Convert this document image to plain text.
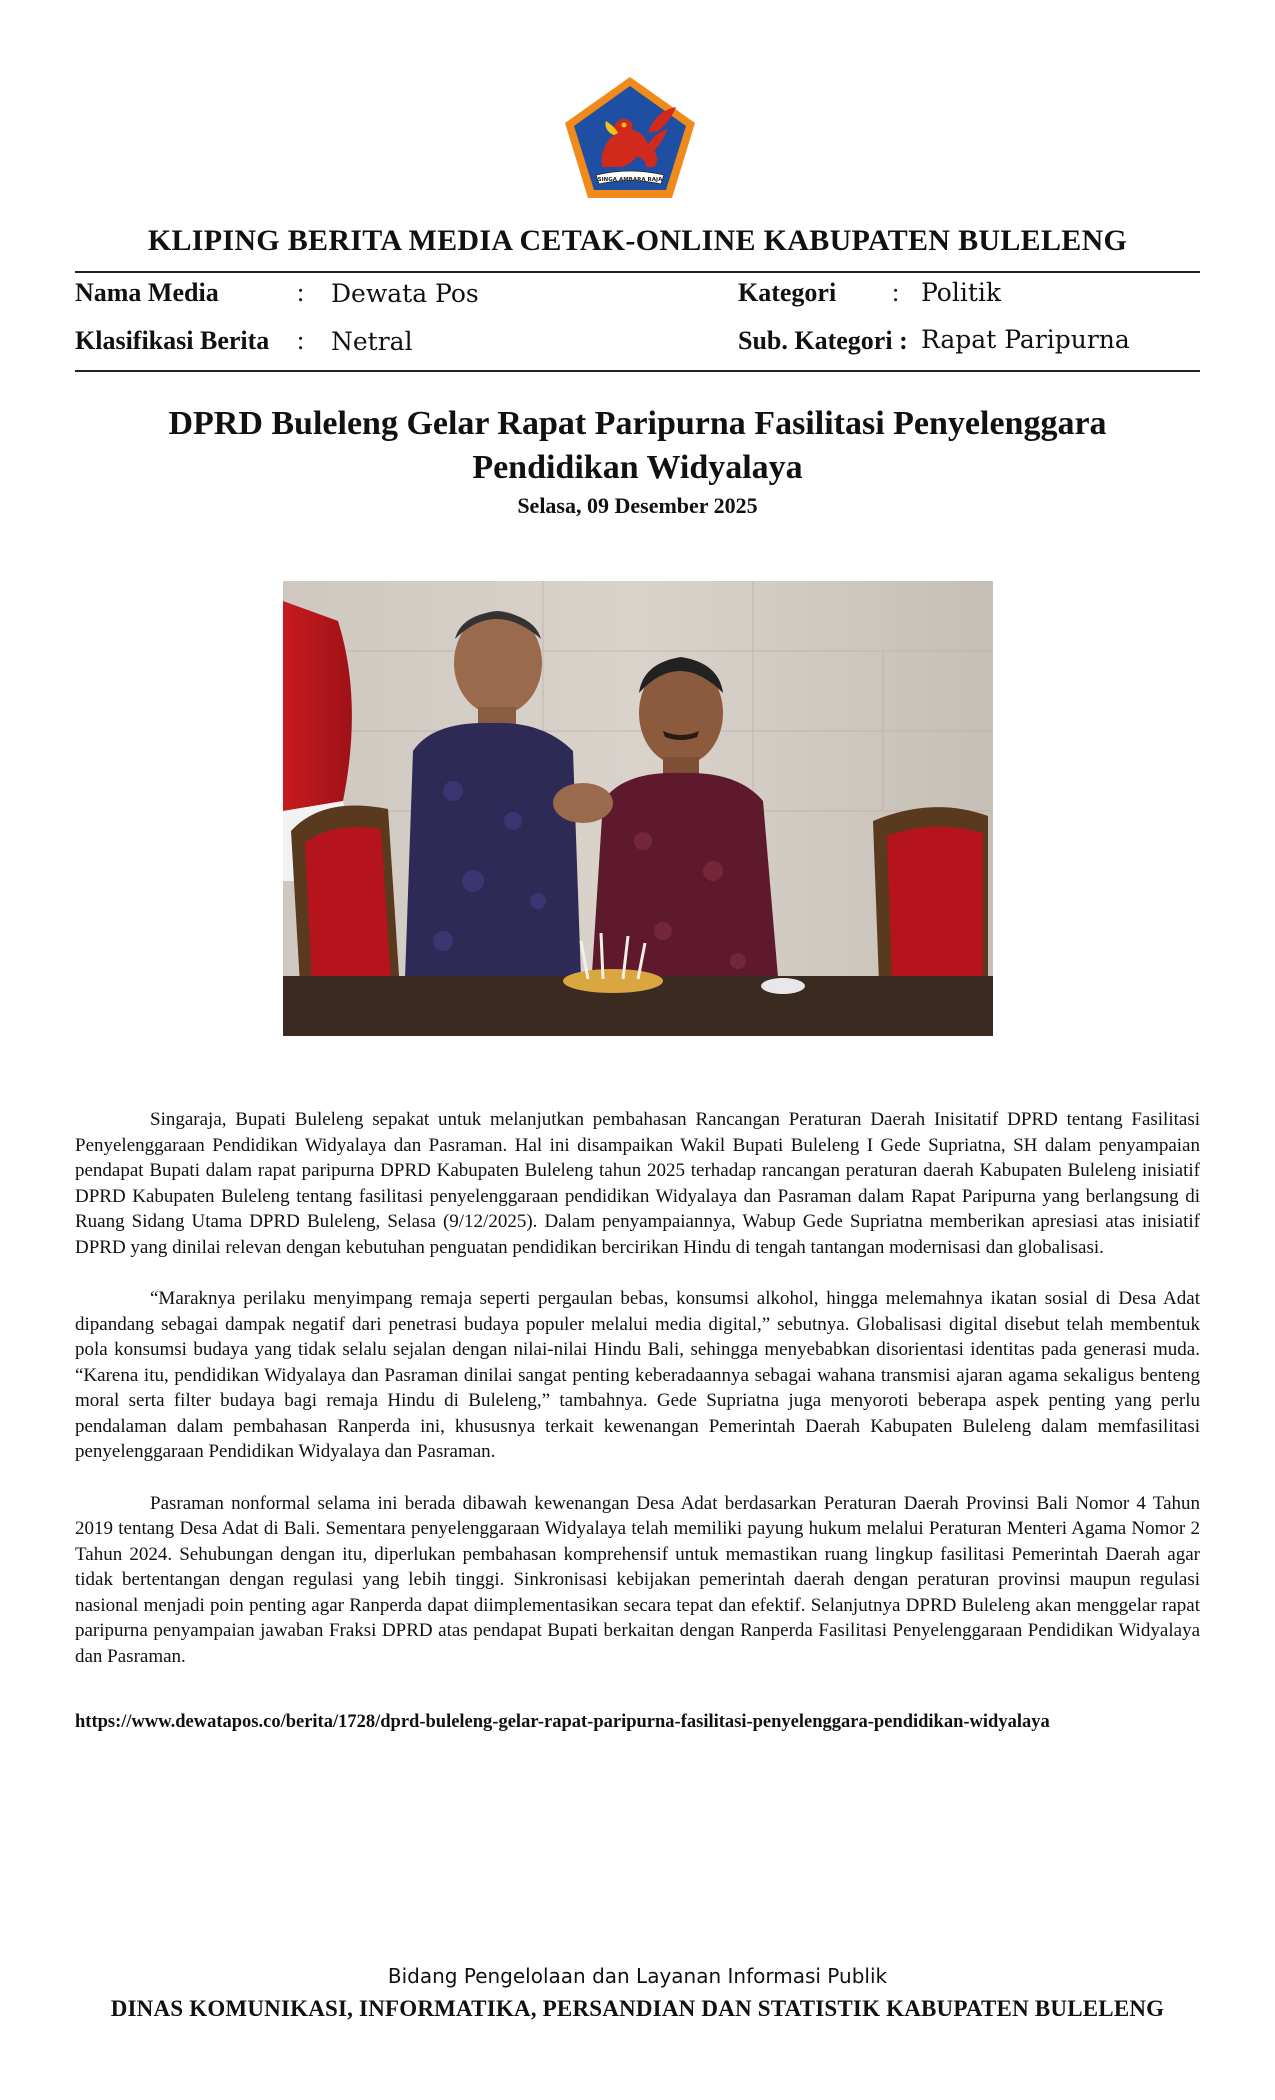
SINGA AMBARA RAJA
KLIPING BERITA MEDIA CETAK-ONLINE KABUPATEN BULELENG
Nama Media	: Dewata Pos
Klasifikasi Berita : Netral
Kategori : Politik
Sub. Kategori : Rapat Paripurna
DPRD Buleleng Gelar Rapat Paripurna Fasilitasi Penyelenggara Pendidikan Widyalaya
Selasa, 09 Desember 2025

Singaraja, Bupati Buleleng sepakat untuk melanjutkan pembahasan Rancangan Peraturan Daerah Inisitatif DPRD tentang Fasilitasi Penyelenggaraan Pendidikan Widyalaya dan Pasraman. Hal ini disampaikan Wakil Bupati Buleleng I Gede Supriatna, SH dalam penyampaian pendapat Bupati dalam rapat paripurna DPRD Kabupaten Buleleng tahun 2025 terhadap rancangan peraturan daerah Kabupaten Buleleng inisiatif DPRD Kabupaten Buleleng tentang fasilitasi penyelenggaraan pendidikan Widyalaya dan Pasraman dalam Rapat Paripurna yang berlangsung di Ruang Sidang Utama DPRD Buleleng, Selasa (9/12/2025). Dalam penyampaiannya, Wabup Gede Supriatna memberikan apresiasi atas inisiatif DPRD yang dinilai relevan dengan kebutuhan penguatan pendidikan bercirikan Hindu di tengah tantangan modernisasi dan globalisasi.

“Maraknya perilaku menyimpang remaja seperti pergaulan bebas, konsumsi alkohol, hingga melemahnya ikatan sosial di Desa Adat dipandang sebagai dampak negatif dari penetrasi budaya populer melalui media digital,” sebutnya. Globalisasi digital disebut telah membentuk pola konsumsi budaya yang tidak selalu sejalan dengan nilai-nilai Hindu Bali, sehingga menyebabkan disorientasi identitas pada generasi muda. “Karena itu, pendidikan Widyalaya dan Pasraman dinilai sangat penting keberadaannya sebagai wahana transmisi ajaran agama sekaligus benteng moral serta filter budaya bagi remaja Hindu di Buleleng,” tambahnya. Gede Supriatna juga menyoroti beberapa aspek penting yang perlu pendalaman dalam pembahasan Ranperda ini, khususnya terkait kewenangan Pemerintah Daerah Kabupaten Buleleng dalam memfasilitasi penyelenggaraan Pendidikan Widyalaya dan Pasraman.

Pasraman nonformal selama ini berada dibawah kewenangan Desa Adat berdasarkan Peraturan Daerah Provinsi Bali Nomor 4 Tahun 2019 tentang Desa Adat di Bali. Sementara penyelenggaraan Widyalaya telah memiliki payung hukum melalui Peraturan Menteri Agama Nomor 2 Tahun 2024. Sehubungan dengan itu, diperlukan pembahasan komprehensif untuk memastikan ruang lingkup fasilitasi Pemerintah Daerah agar tidak bertentangan dengan regulasi yang lebih tinggi. Sinkronisasi kebijakan pemerintah daerah dengan peraturan provinsi maupun regulasi nasional menjadi poin penting agar Ranperda dapat diimplementasikan secara tepat dan efektif. Selanjutnya DPRD Buleleng akan menggelar rapat paripurna penyampaian jawaban Fraksi DPRD atas pendapat Bupati berkaitan dengan Ranperda Fasilitasi Penyelenggaraan Pendidikan Widyalaya dan Pasraman.

https://www.dewatapos.co/berita/1728/dprd-buleleng-gelar-rapat-paripurna-fasilitasi-penyelenggara-pendidikan-widyalaya
Bidang Pengelolaan dan Layanan Informasi Publik
DINAS KOMUNIKASI, INFORMATIKA, PERSANDIAN DAN STATISTIK KABUPATEN BULELENG
